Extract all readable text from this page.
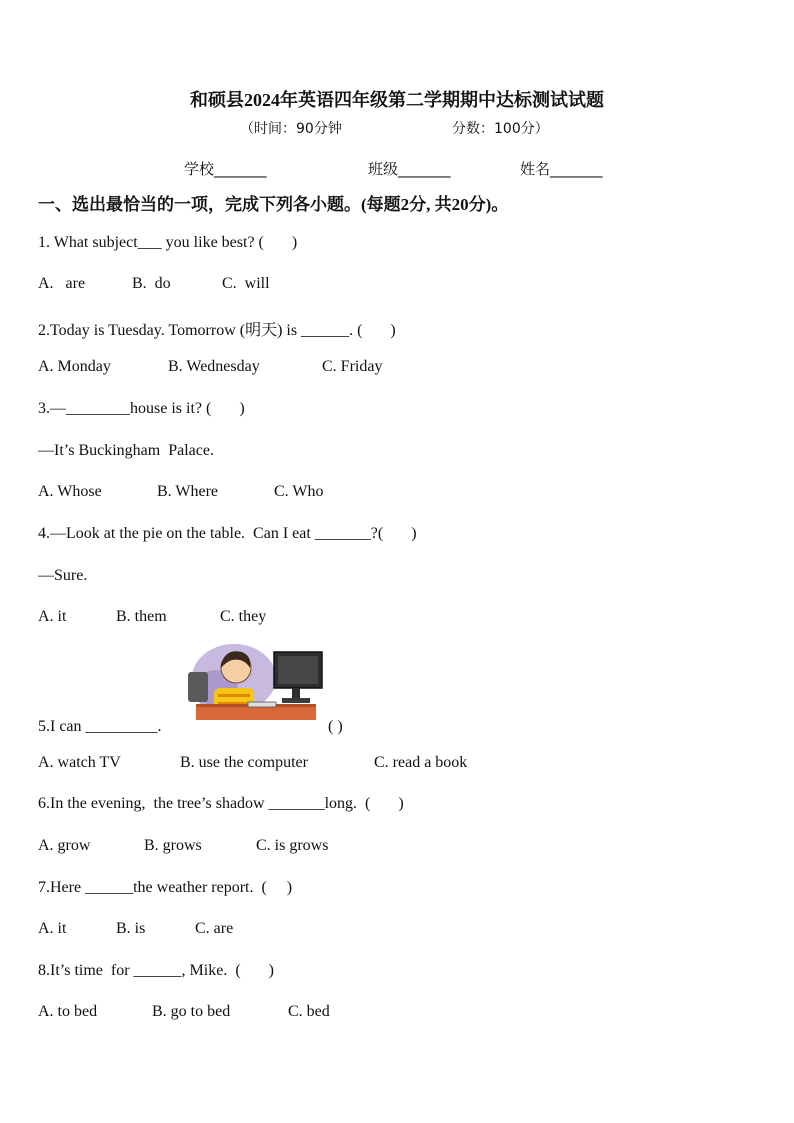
和硕县2024年英语四年级第二学期期中达标测试试题
（时间：90分钟	分数：100分）
学校_______	班级_______	姓名_______
一、选出最恰当的一项，完成下列各小题。(每题2分, 共20分)。
1. What subject___ you like best? (       )
A.   are	B.  do	C.  will
2.Today is Tuesday. Tomorrow (明天) is ______. (       )
A. Monday	B. Wednesday	C. Friday
3.—________house is it? (       )
—It’s Buckingham  Palace.
A. Whose	B. Where	C. Who
4.—Look at the pie on the table.  Can I eat _______?(       )
—Sure.
A. it	B. them	C. they
5.I can _________.	( )
A. watch TV	B. use the computer	C. read a book
6.In the evening,  the tree’s shadow _______long.  (       )
A. grow	B. grows	C. is grows
7.Here ______the weather report.  (     )
A. it	B. is	C. are
8.It’s time  for ______, Mike.  (       )
A. to bed	B. go to bed	C. bed
